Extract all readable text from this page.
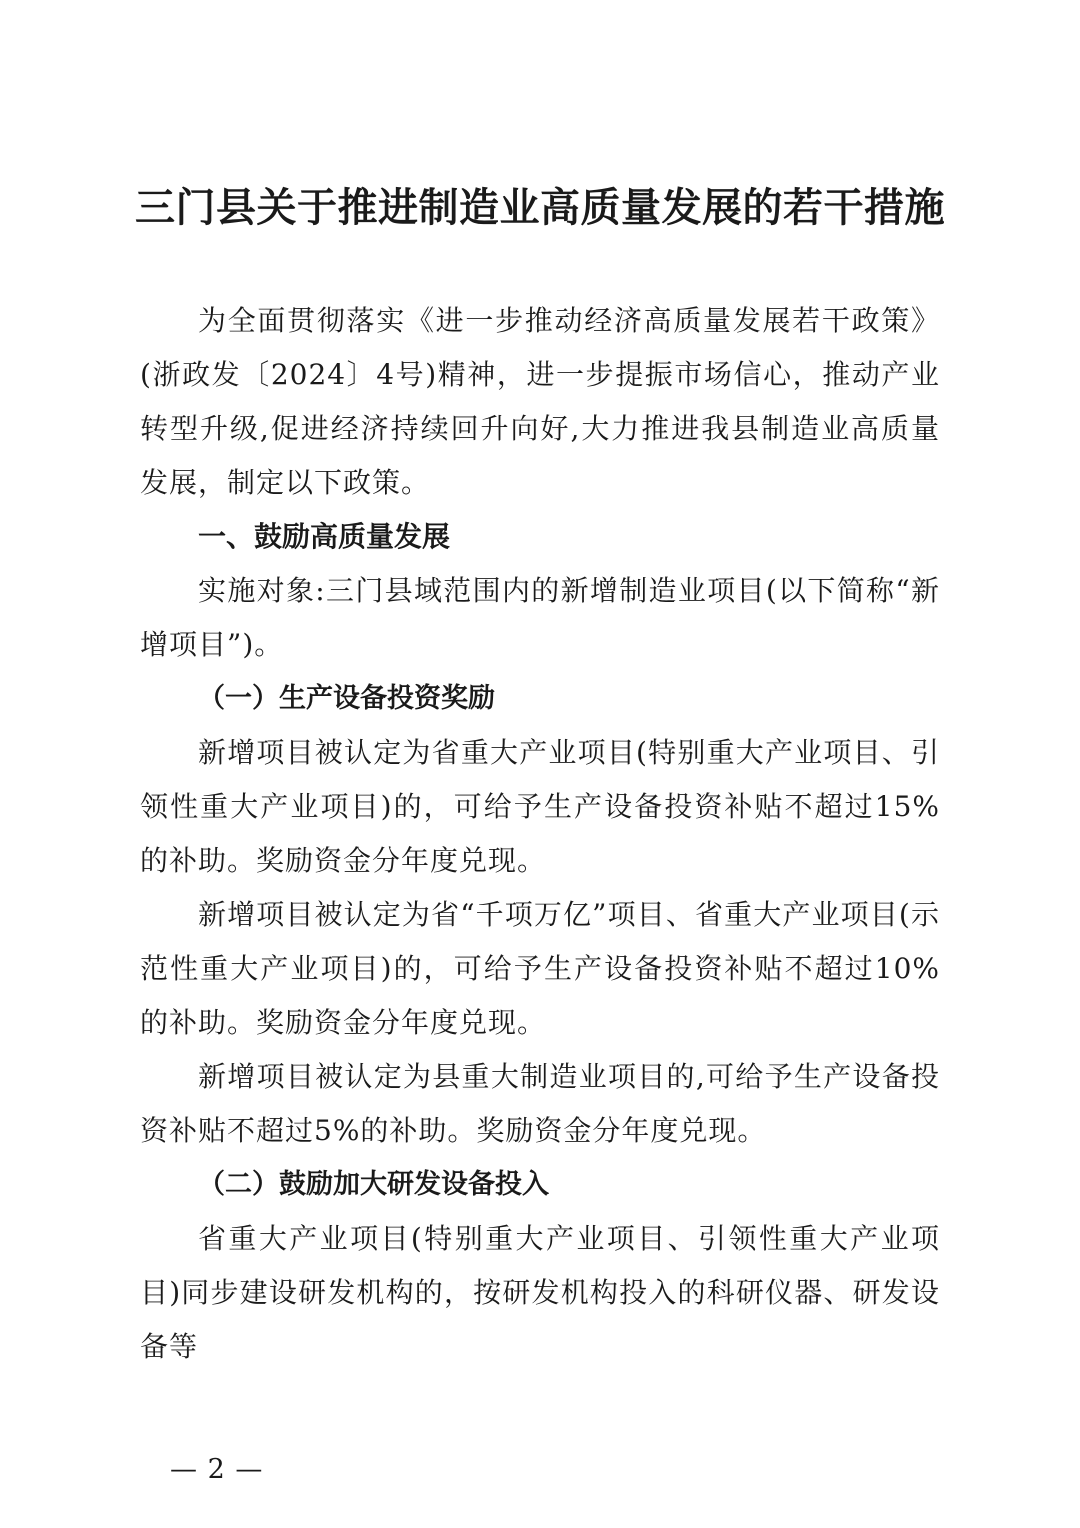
三门县关于推进制造业高质量发展的若干措施

为全面贯彻落实《进一步推动经济高质量发展若干政策》(浙政发〔2024〕4号)精神，进一步提振市场信心，推动产业转型升级,促进经济持续回升向好,大力推进我县制造业高质量发展，制定以下政策。

一、鼓励高质量发展

实施对象:三门县域范围内的新增制造业项目(以下简称“新增项目”)。

（一）生产设备投资奖励

新增项目被认定为省重大产业项目(特别重大产业项目、引领性重大产业项目)的，可给予生产设备投资补贴不超过15%的补助。奖励资金分年度兑现。

新增项目被认定为省“千项万亿”项目、省重大产业项目(示范性重大产业项目)的，可给予生产设备投资补贴不超过10%的补助。奖励资金分年度兑现。

新增项目被认定为县重大制造业项目的,可给予生产设备投资补贴不超过5%的补助。奖励资金分年度兑现。

（二）鼓励加大研发设备投入

省重大产业项目(特别重大产业项目、引领性重大产业项目)同步建设研发机构的，按研发机构投入的科研仪器、研发设备等

— 2 —
